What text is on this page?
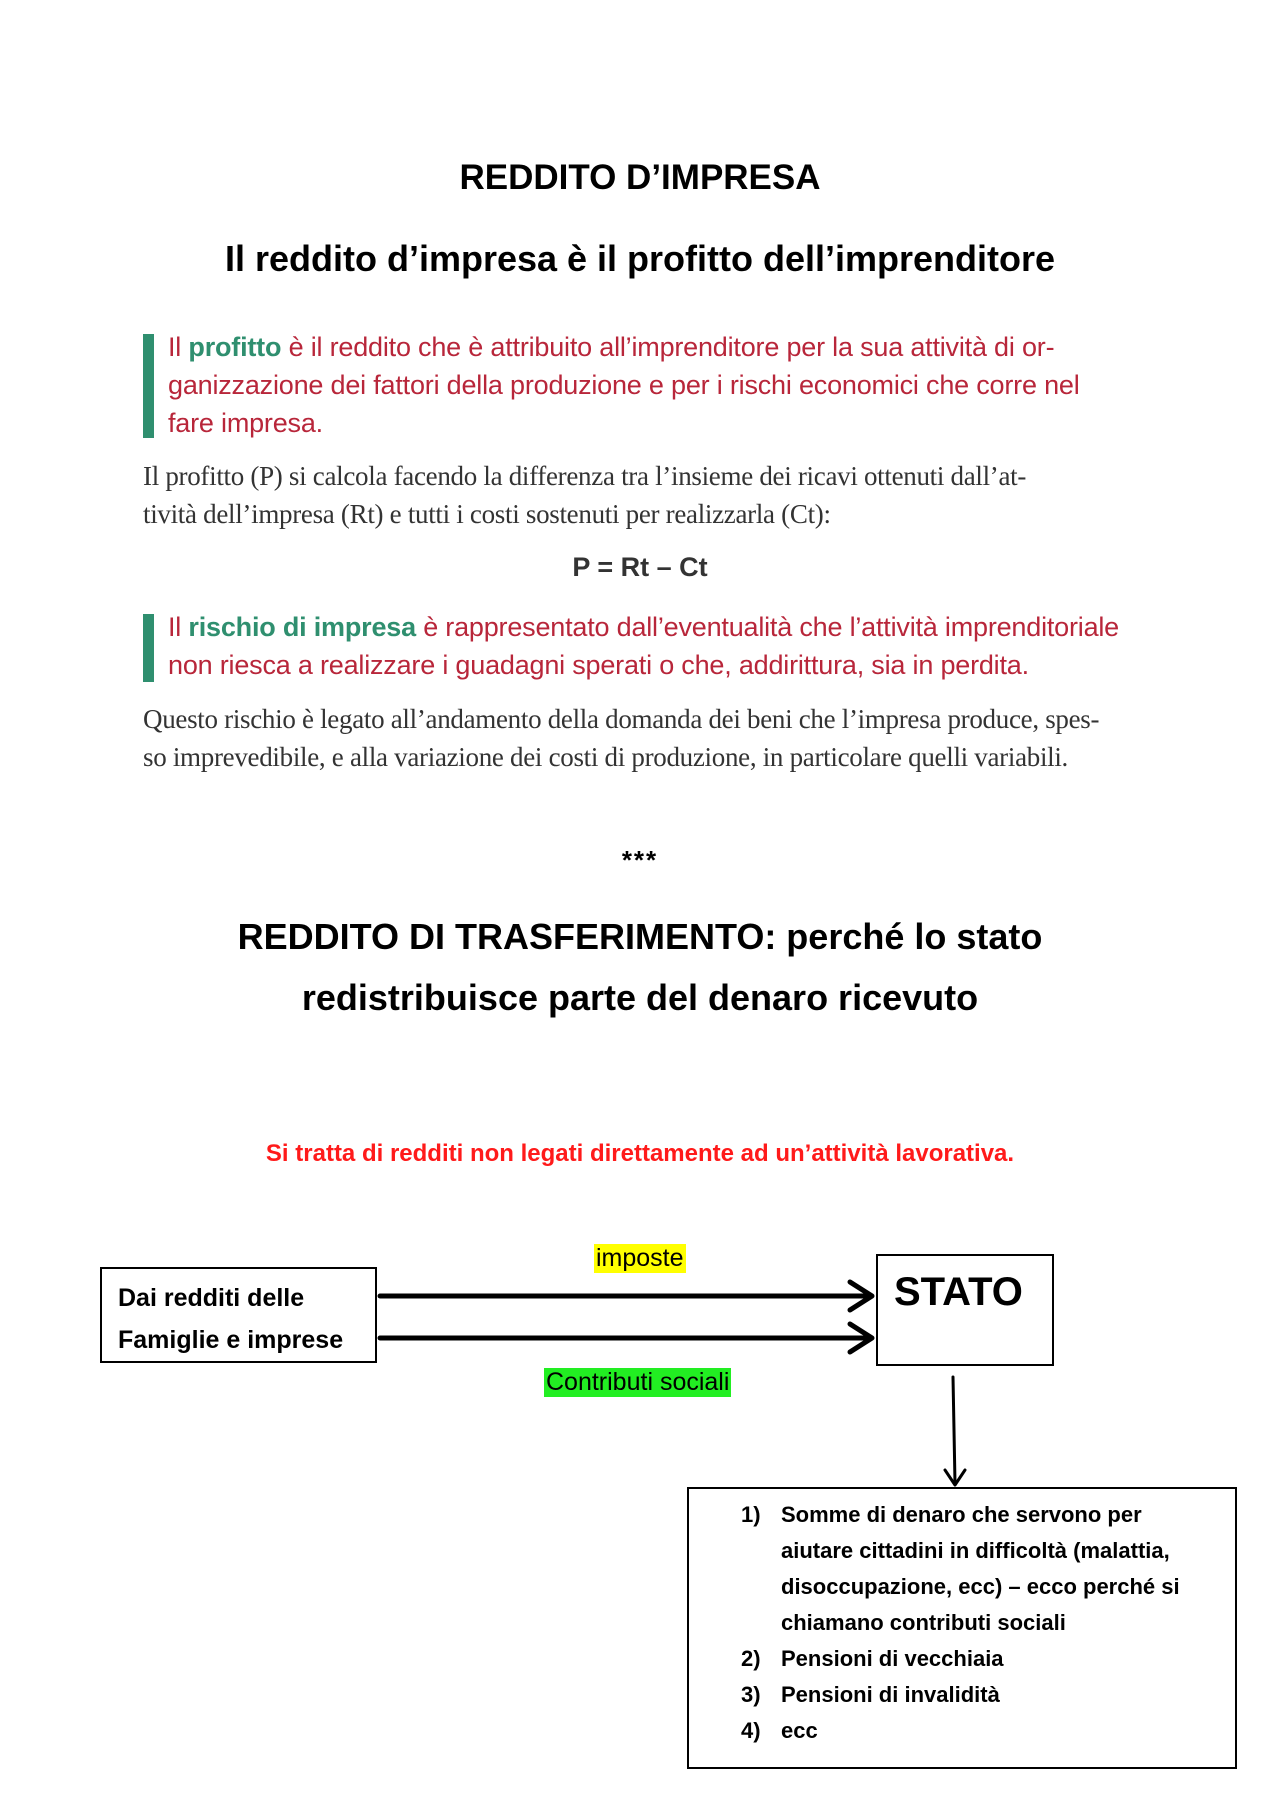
REDDITO D’IMPRESA
Il reddito d’impresa è il profitto dell’imprenditore
Il profitto è il reddito che è attribuito all’imprenditore per la sua attività di or-
ganizzazione dei fattori della produzione e per i rischi economici che corre nel
fare impresa.
Il profitto (P) si calcola facendo la differenza tra l’insieme dei ricavi ottenuti dall’at-
tività dell’impresa (Rt) e tutti i costi sostenuti per realizzarla (Ct):
P = Rt – Ct
Il rischio di impresa è rappresentato dall’eventualità che l’attività imprenditoriale
non riesca a realizzare i guadagni sperati o che, addirittura, sia in perdita.
Questo rischio è legato all’andamento della domanda dei beni che l’impresa produce, spes-
so imprevedibile, e alla variazione dei costi di produzione, in particolare quelli variabili.
***
REDDITO DI TRASFERIMENTO: perché lo stato
redistribuisce parte del denaro ricevuto
Si tratta di redditi non legati direttamente ad un’attività lavorativa.
Dai redditi delle
Famiglie e imprese
STATO
imposte
Contributi sociali
1) Somme di denaro che servono per aiutare cittadini in difficoltà (malattia, disoccupazione, ecc) – ecco perché si chiamano contributi sociali
2) Pensioni di vecchiaia
3) Pensioni di invalidità
4) ecc
